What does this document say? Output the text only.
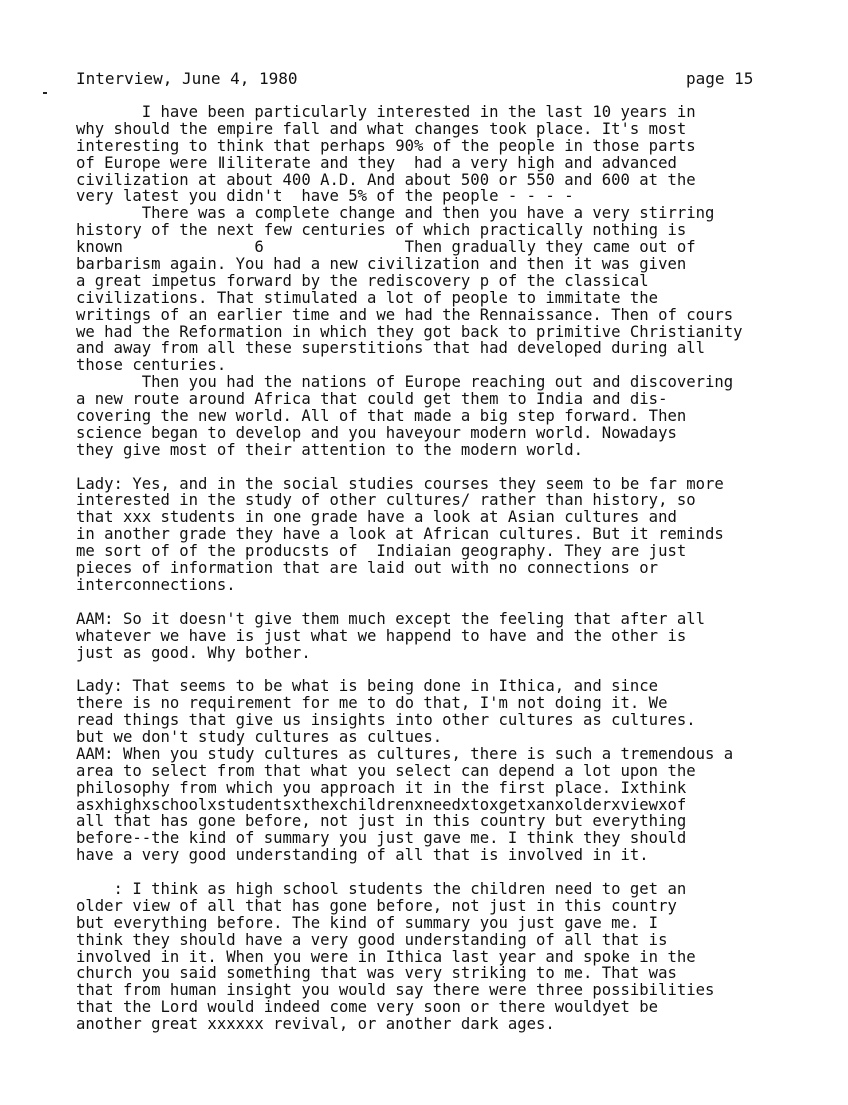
Interview, June 4, 1980	page 15
I have been particularly interested in the last 10 years in
why should the empire fall and what changes took place. It's most
interesting to think that perhaps 90% of the people in those parts
of Europe were ǁiliterate and they  had a very high and advanced
civilization at about 400 A.D. And about 500 or 550 and 600 at the
very latest you didn't  have 5% of the people - - - -
There was a complete change and then you have a very stirring
history of the next few centuries of which practically nothing is
known              6               Then gradually they came out of
barbarism again. You had a new civilization and then it was given
a great impetus forward by the rediscovery p of the classical
civilizations. That stimulated a lot of people to immitate the
writings of an earlier time and we had the Rennaissance. Then of cours
we had the Reformation in which they got back to primitive Christianity
and away from all these superstitions that had developed during all
those centuries.
Then you had the nations of Europe reaching out and discovering
a new route around Africa that could get them to India and dis-
covering the new world. All of that made a big step forward. Then
science began to develop and you haveyour modern world. Nowadays
they give most of their attention to the modern world.
Lady: Yes, and in the social studies courses they seem to be far more
interested in the study of other cultures/ rather than history, so
that xxx students in one grade have a look at Asian cultures and
in another grade they have a look at African cultures. But it reminds
me sort of of the producsts of  Indiaian geography. They are just
pieces of information that are laid out with no connections or
interconnections.
AAM: So it doesn't give them much except the feeling that after all
whatever we have is just what we happend to have and the other is
just as good. Why bother.
Lady: That seems to be what is being done in Ithica, and since
there is no requirement for me to do that, I'm not doing it. We
read things that give us insights into other cultures as cultures.
but we don't study cultures as cultues.
AAM: When you study cultures as cultures, there is such a tremendous a
area to select from that what you select can depend a lot upon the
philosophy from which you approach it in the first place. Ixthink
asxhighxschoolxstudentsxthexchildrenxneedxtoxgetxanxolderxviewxof
all that has gone before, not just in this country but everything
before--the kind of summary you just gave me. I think they should
have a very good understanding of all that is involved in it.
: I think as high school students the children need to get an
older view of all that has gone before, not just in this country
but everything before. The kind of summary you just gave me. I
think they should have a very good understanding of all that is
involved in it. When you were in Ithica last year and spoke in the
church you said something that was very striking to me. That was
that from human insight you would say there were three possibilities
that the Lord would indeed come very soon or there wouldyet be
another great xxxxxx revival, or another dark ages.
